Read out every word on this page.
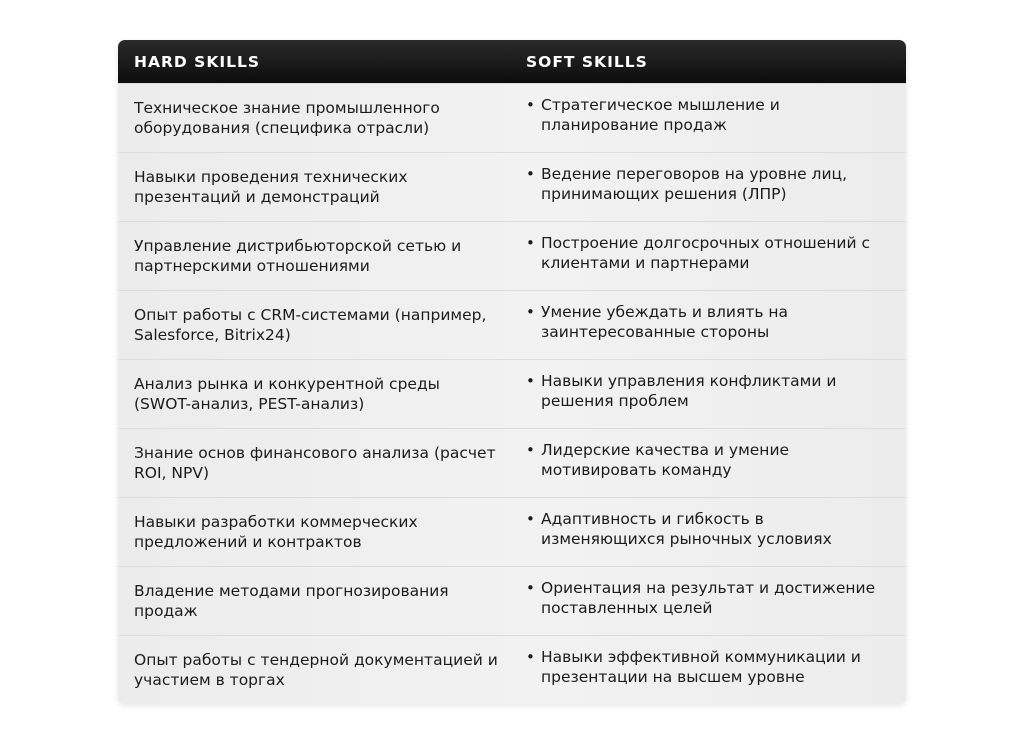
HARD SKILLS	SOFT SKILLS
Техническое знание промышленного оборудования (специфика отрасли)
• Стратегическое мышление и планирование продаж
Навыки проведения технических презентаций и демонстраций
• Ведение переговоров на уровне лиц, принимающих решения (ЛПР)
Управление дистрибьюторской сетью и партнерскими отношениями
• Построение долгосрочных отношений с клиентами и партнерами
Опыт работы с CRM-системами (например, Salesforce, Bitrix24)
• Умение убеждать и влиять на заинтересованные стороны
Анализ рынка и конкурентной среды (SWOT-анализ, PEST-анализ)
• Навыки управления конфликтами и решения проблем
Знание основ финансового анализа (расчет ROI, NPV)
• Лидерские качества и умение мотивировать команду
Навыки разработки коммерческих предложений и контрактов
• Адаптивность и гибкость в изменяющихся рыночных условиях
Владение методами прогнозирования продаж
• Ориентация на результат и достижение поставленных целей
Опыт работы с тендерной документацией и участием в торгах
• Навыки эффективной коммуникации и презентации на высшем уровне
